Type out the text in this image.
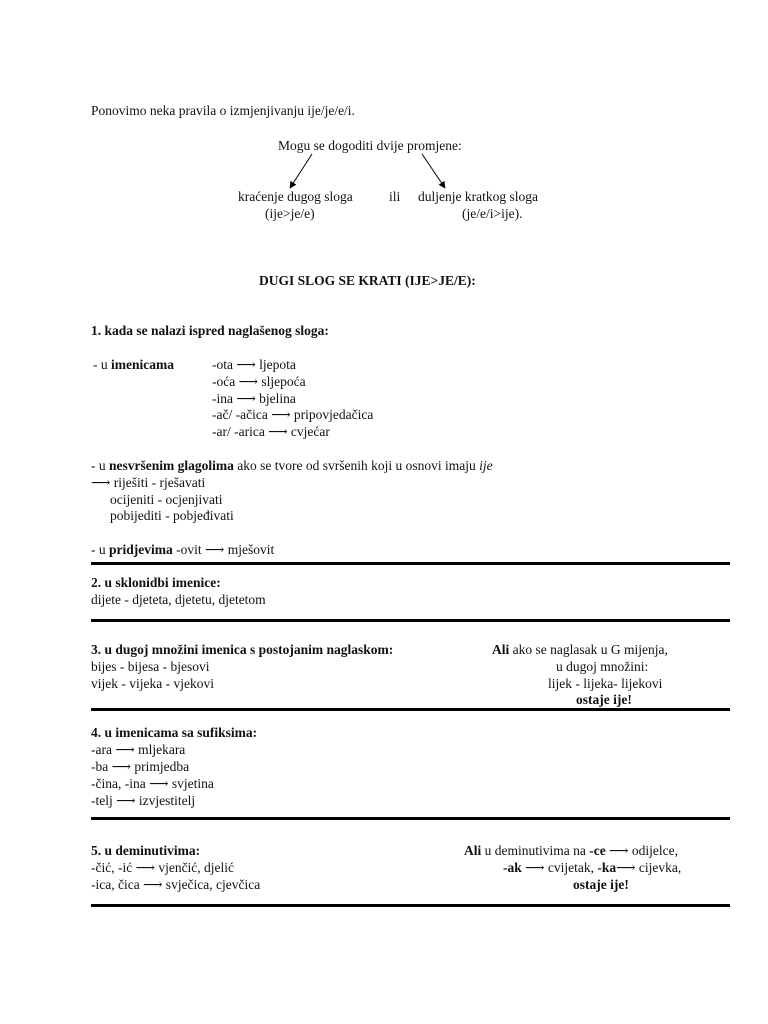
Ponovimo neka pravila o izmjenjivanju ije/je/e/i.
Mogu se dogoditi dvije promjene:
kraćenje dugog sloga	ili duljenje kratkog sloga
(ije>je/e)	(je/e/i>ije).
DUGI SLOG SE KRATI (IJE>JE/E):
1. kada se nalazi ispred naglašenog sloga:
- u imenicama	-ota ⟶ ljepota
-oća ⟶ sljepoća
-ina ⟶ bjelina
-ač/ -ačica ⟶ pripovjedačica
-ar/ -arica ⟶ cvjećar
- u nesvršenim glagolima ako se tvore od svršenih koji u osnovi imaju ije
⟶ riješiti - rješavati
ocijeniti - ocjenjivati
pobijediti - pobjeđivati
- u pridjevima -ovit ⟶ mješovit
2. u sklonidbi imenice:
dijete - djeteta, djetetu, djetetom
3. u dugoj množini imenica s postojanim naglaskom:
bijes - bijesa - bjesovi
vijek - vijeka - vjekovi
Ali ako se naglasak u G mijenja,
u dugoj množini:
lijek - lijeka- lijekovi
ostaje ije!
4. u imenicama sa sufiksima:
-ara ⟶ mljekara
-ba ⟶ primjedba
-čina, -ina ⟶ svjetina
-telj ⟶ izvjestitelj
5. u deminutivima:
-čić, -ić ⟶ vjenčić, djelić
-ica, čica ⟶ svječica, cjevčica
Ali u deminutivima na -ce ⟶ odijelce,
-ak ⟶ cvijetak, -ka⟶ cijevka,
ostaje ije!
